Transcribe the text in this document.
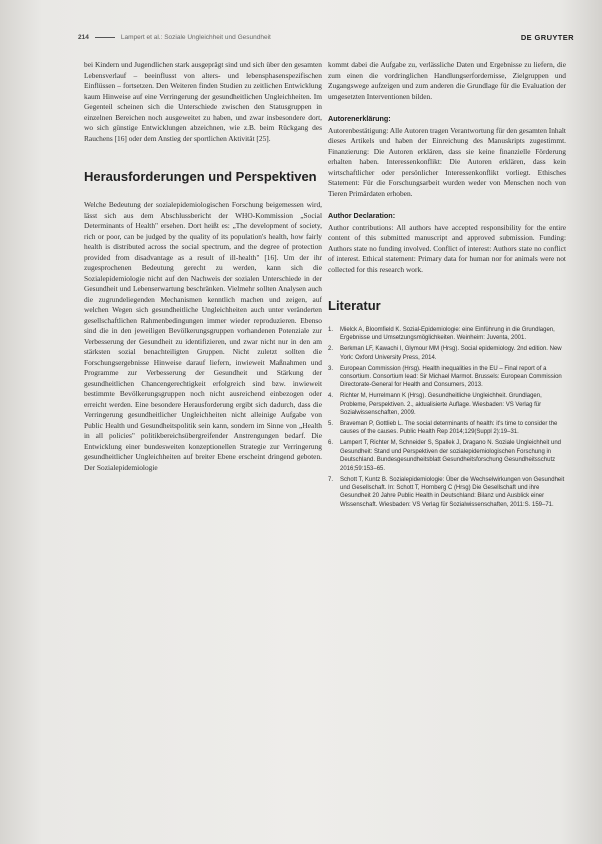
214	Lampert et al.: Soziale Ungleichheit und Gesundheit	DE GRUYTER

bei Kindern und Jugendlichen stark ausgeprägt sind und sich über den gesamten Lebensverlauf – beeinflusst von alters- und lebensphasenspezifischen Einflüssen – fortsetzen. Den Weiteren finden Studien zu zeitlichen Entwicklung kaum Hinweise auf eine Verringerung der gesundheitlichen Ungleichheiten. Im Gegenteil scheinen sich die Unterschiede zwischen den Statusgruppen in einzelnen Bereichen noch ausgeweitet zu haben, und zwar insbesondere dort, wo sich günstige Entwicklungen abzeichnen, wie z.B. beim Rückgang des Rauchens [16] oder dem Anstieg der sportlichen Aktivität [25].

Herausforderungen und Perspektiven

Welche Bedeutung der sozialepidemiologischen Forschung beigemessen wird, lässt sich aus dem Abschlussbericht der WHO-Kommission „Social Determinants of Health" ersehen. Dort heißt es: „The development of society, rich or poor, can be judged by the quality of its population's health, how fairly health is distributed across the social spectrum, and the degree of protection provided from disadvantage as a result of ill-health" [16]. Um der ihr zugesprochenen Bedeutung gerecht zu werden, kann sich die Sozialepidemiologie nicht auf den Nachweis der sozialen Unterschiede in der Gesundheit und Lebenserwartung beschränken. Vielmehr sollten Analysen auch die zugrundeliegenden Mechanismen kenntlich machen und zeigen, auf welchen Wegen sich gesundheitliche Ungleichheiten auch unter veränderten gesellschaftlichen Rahmenbedingungen immer wieder reproduzieren. Ebenso sind die in den jeweiligen Bevölkerungsgruppen vorhandenen Potenziale zur Verbesserung der Gesundheit zu identifizieren, und zwar nicht nur in den am stärksten sozial benachteiligten Gruppen. Nicht zuletzt sollten die Forschungsergebnisse Hinweise darauf liefern, inwieweit Maßnahmen und Programme zur Verbesserung der Gesundheit und Stärkung der gesundheitlichen Chancengerechtigkeit erfolgreich sind bzw. inwieweit bestimmte Bevölkerungsgruppen noch nicht ausreichend einbezogen oder erreicht werden. Eine besondere Herausforderung ergibt sich dadurch, dass die Verringerung gesundheitlicher Ungleichheiten nicht alleinige Aufgabe von Public Health und Gesundheitspolitik sein kann, sondern im Sinne von „Health in all policies" politikbereichsübergreifender Anstrengungen bedarf. Die Entwicklung einer bundesweiten konzeptionellen Strategie zur Verringerung gesundheitlicher Ungleichheiten auf breiter Ebene erscheint dringend geboten. Der Sozialepidemiologie

kommt dabei die Aufgabe zu, verlässliche Daten und Ergebnisse zu liefern, die zum einen die vordringlichen Handlungserfordernisse, Zielgruppen und Zugangswege aufzeigen und zum anderen die Grundlage für die Evaluation der umgesetzten Interventionen bilden.

Autorenerklärung:

Autorenbestätigung: Alle Autoren tragen Verantwortung für den gesamten Inhalt dieses Artikels und haben der Einreichung des Manuskripts zugestimmt. Finanzierung: Die Autoren erklären, dass sie keine finanzielle Förderung erhalten haben. Interessenkonflikt: Die Autoren erklären, dass kein wirtschaftlicher oder persönlicher Interessenkonflikt vorliegt. Ethisches Statement: Für die Forschungsarbeit wurden weder von Menschen noch von Tieren Primärdaten erhoben.

Author Declaration:

Author contributions: All authors have accepted responsibility for the entire content of this submitted manuscript and approved submission. Funding: Authors state no funding involved. Conflict of interest: Authors state no conflict of interest. Ethical statement: Primary data for human nor for animals were not collected for this research work.

Literatur
1.	Mielck A, Bloomfield K. Sozial-Epidemiologie: eine Einführung in die Grundlagen, Ergebnisse und Umsetzungsmöglichkeiten. Weinheim: Juventa, 2001.
2.	Berkman LF, Kawachi I, Glymour MM (Hrsg). Social epidemiology. 2nd edition. New York: Oxford University Press, 2014.
3.	European Commission (Hrsg). Health inequalities in the EU – Final report of a consortium. Consortium lead: Sir Michael Marmot. Brussels: European Commission Directorate-General for Health and Consumers, 2013.
4.	Richter M, Hurrelmann K (Hrsg). Gesundheitliche Ungleichheit. Grundlagen, Probleme, Perspektiven. 2., aktualisierte Auflage. Wiesbaden: VS Verlag für Sozialwissenschaften, 2009.
5.	Braveman P, Gottlieb L. The social determinants of health: it's time to consider the causes of the causes. Public Health Rep 2014;129(Suppl 2):19–31.
6.	Lampert T, Richter M, Schneider S, Spallek J, Dragano N. Soziale Ungleichheit und Gesundheit: Stand und Perspektiven der sozialepidemiologischen Forschung in Deutschland. Bundesgesundheitsblatt Gesundheitsforschung Gesundheitsschutz 2016;59:153–65.
7.	Schott T, Kuntz B. Sozialepidemiologie: Über die Wechselwirkungen von Gesundheit und Gesellschaft. In: Schott T, Hornberg C (Hrsg) Die Gesellschaft und ihre Gesundheit 20 Jahre Public Health in Deutschland: Bilanz und Ausblick einer Wissenschaft. Wiesbaden: VS Verlag für Sozialwissenschaften, 2011:S. 159–71.
